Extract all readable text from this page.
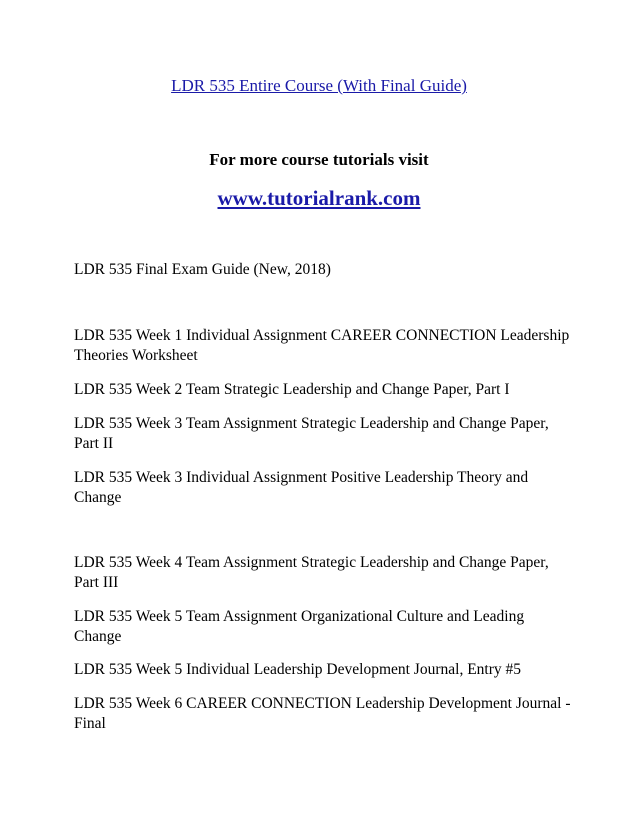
LDR 535 Entire Course (With Final Guide)
For more course tutorials visit
www.tutorialrank.com
LDR 535 Final Exam Guide (New, 2018)
LDR 535 Week 1 Individual Assignment CAREER CONNECTION Leadership Theories Worksheet
LDR 535 Week 2 Team Strategic Leadership and Change Paper, Part I
LDR 535 Week 3 Team Assignment Strategic Leadership and Change Paper, Part II
LDR 535 Week 3 Individual Assignment Positive Leadership Theory and Change
LDR 535 Week 4 Team Assignment Strategic Leadership and Change Paper, Part III
LDR 535 Week 5 Team Assignment Organizational Culture and Leading Change
LDR 535 Week 5 Individual Leadership Development Journal, Entry #5
LDR 535 Week 6 CAREER CONNECTION Leadership Development Journal - Final
